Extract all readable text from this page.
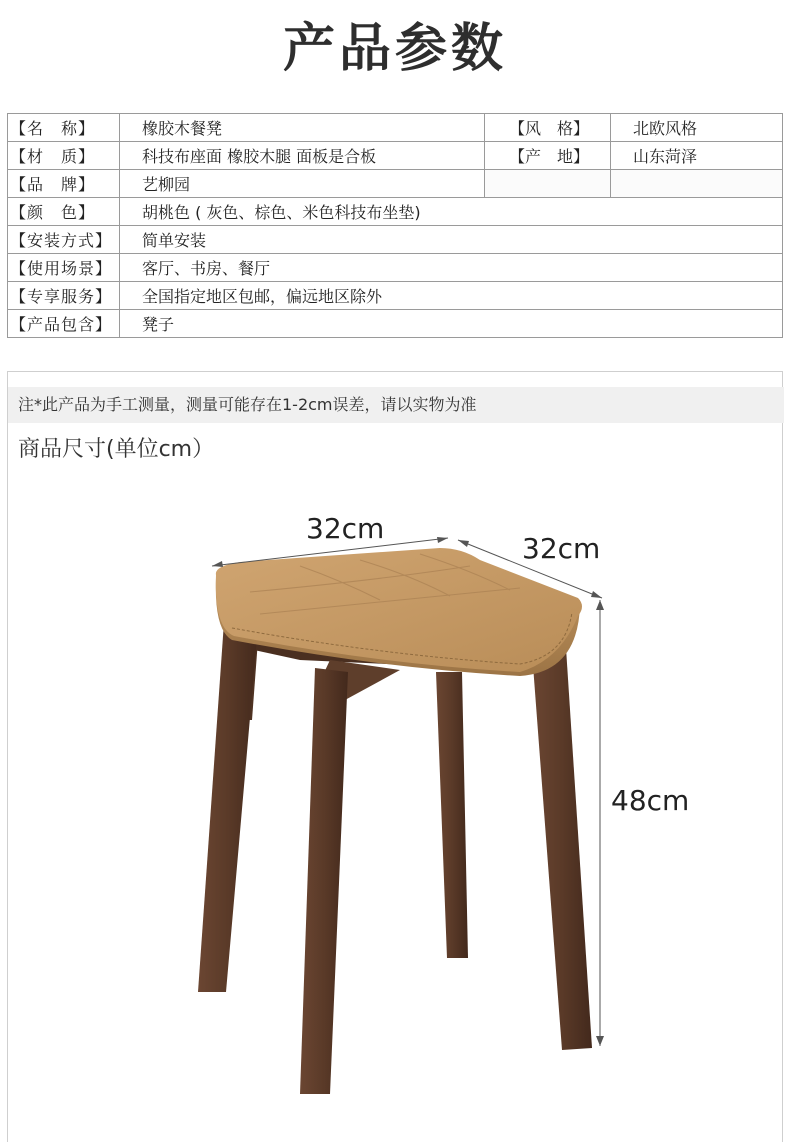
产品参数
【名　称】	橡胶木餐凳	【风　格】	北欧风格
【材　质】	科技布座面 橡胶木腿 面板是合板	【产　地】	山东菏泽
【品　牌】	艺柳园		
【颜　色】	胡桃色 ( 灰色、棕色、米色科技布坐垫)		
【安装方式】	简单安装		
【使用场景】	客厅、书房、餐厅		
【专享服务】	全国指定地区包邮，偏远地区除外		
【产品包含】	凳子		
注*此产品为手工测量，测量可能存在1-2cm误差，请以实物为准
商品尺寸(单位cm）
32cm
32cm
48cm
